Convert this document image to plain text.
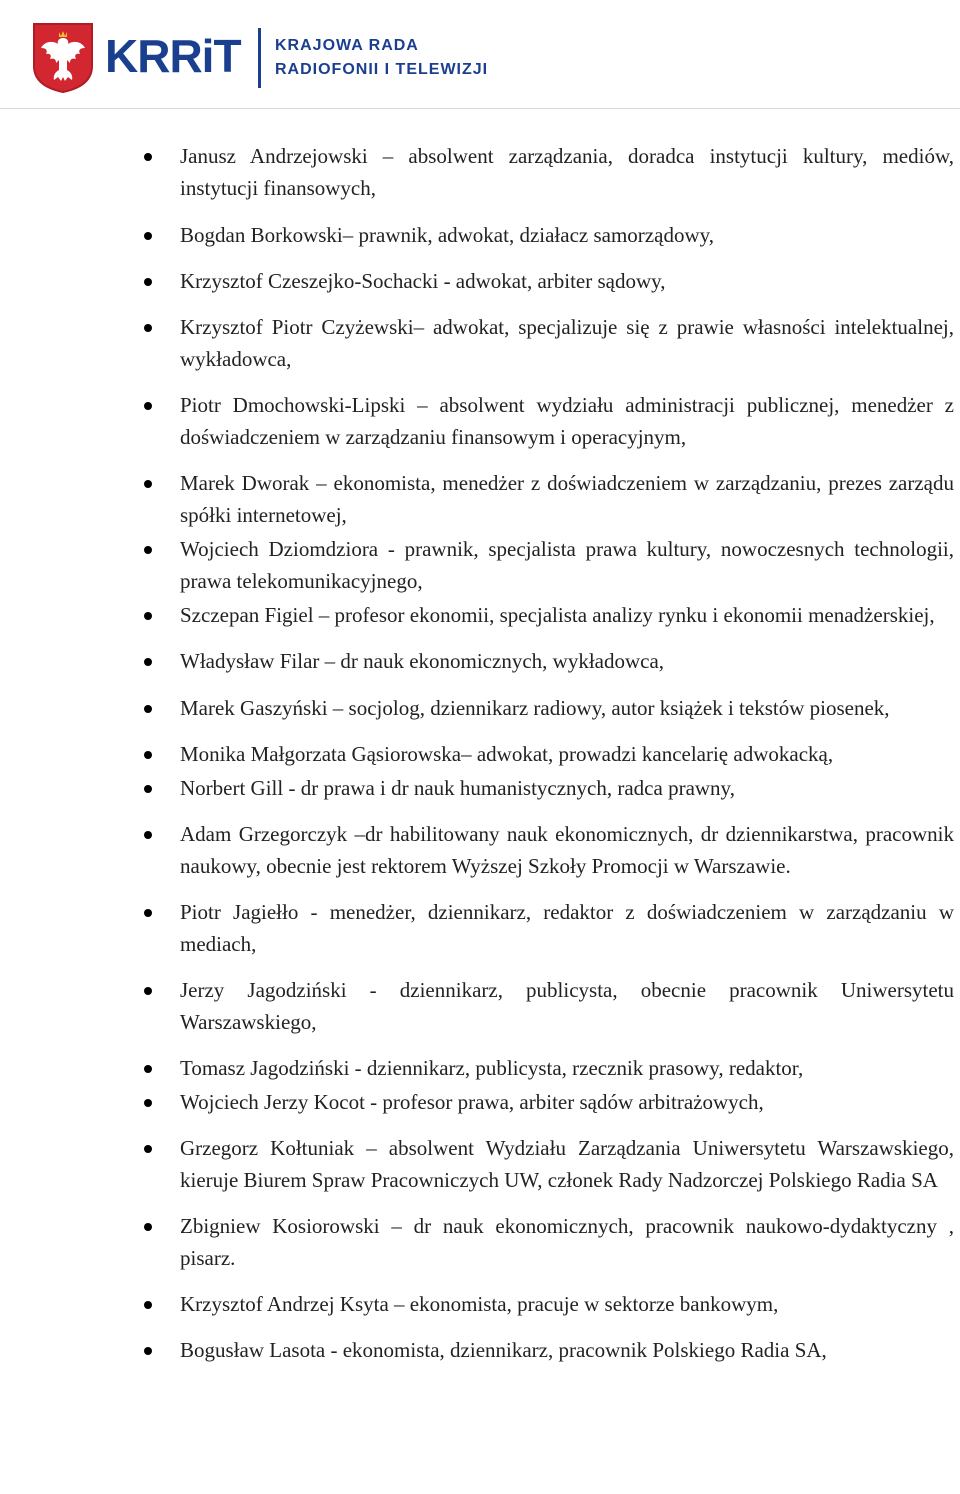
KRRiT KRAJOWA RADA
RADIOFONII I TELEWIZJI
Janusz Andrzejowski – absolwent zarządzania, doradca instytucji kultury, mediów, instytucji finansowych,
Bogdan Borkowski– prawnik, adwokat, działacz samorządowy,
Krzysztof Czeszejko-Sochacki - adwokat, arbiter sądowy,
Krzysztof Piotr Czyżewski– adwokat, specjalizuje się z prawie własności intelektualnej, wykładowca,
Piotr Dmochowski-Lipski – absolwent wydziału administracji publicznej, menedżer z doświadczeniem w zarządzaniu finansowym i operacyjnym,
Marek Dworak – ekonomista, menedżer z doświadczeniem w zarządzaniu, prezes zarządu spółki internetowej,
Wojciech Dziomdziora - prawnik, specjalista prawa kultury, nowoczesnych technologii, prawa telekomunikacyjnego,
Szczepan Figiel – profesor ekonomii, specjalista analizy rynku i ekonomii menadżerskiej,
Władysław Filar – dr nauk ekonomicznych, wykładowca,
Marek Gaszyński – socjolog, dziennikarz radiowy, autor książek i tekstów piosenek,
Monika Małgorzata Gąsiorowska– adwokat, prowadzi kancelarię adwokacką,
Norbert Gill - dr prawa i dr nauk humanistycznych, radca prawny,
Adam Grzegorczyk –dr habilitowany nauk ekonomicznych, dr dziennikarstwa, pracownik naukowy, obecnie jest rektorem Wyższej Szkoły Promocji w Warszawie.
Piotr Jagiełło - menedżer, dziennikarz, redaktor z doświadczeniem w zarządzaniu w mediach,
Jerzy Jagodziński - dziennikarz, publicysta, obecnie pracownik Uniwersytetu Warszawskiego,
Tomasz Jagodziński - dziennikarz, publicysta, rzecznik prasowy, redaktor,
Wojciech Jerzy Kocot - profesor prawa, arbiter sądów arbitrażowych,
Grzegorz Kołtuniak – absolwent Wydziału Zarządzania Uniwersytetu Warszawskiego, kieruje Biurem Spraw Pracowniczych UW, członek Rady Nadzorczej Polskiego Radia SA
Zbigniew Kosiorowski – dr nauk ekonomicznych, pracownik naukowo-dydaktyczny , pisarz.
Krzysztof Andrzej Ksyta – ekonomista, pracuje w sektorze bankowym,
Bogusław Lasota - ekonomista, dziennikarz, pracownik Polskiego Radia SA,
